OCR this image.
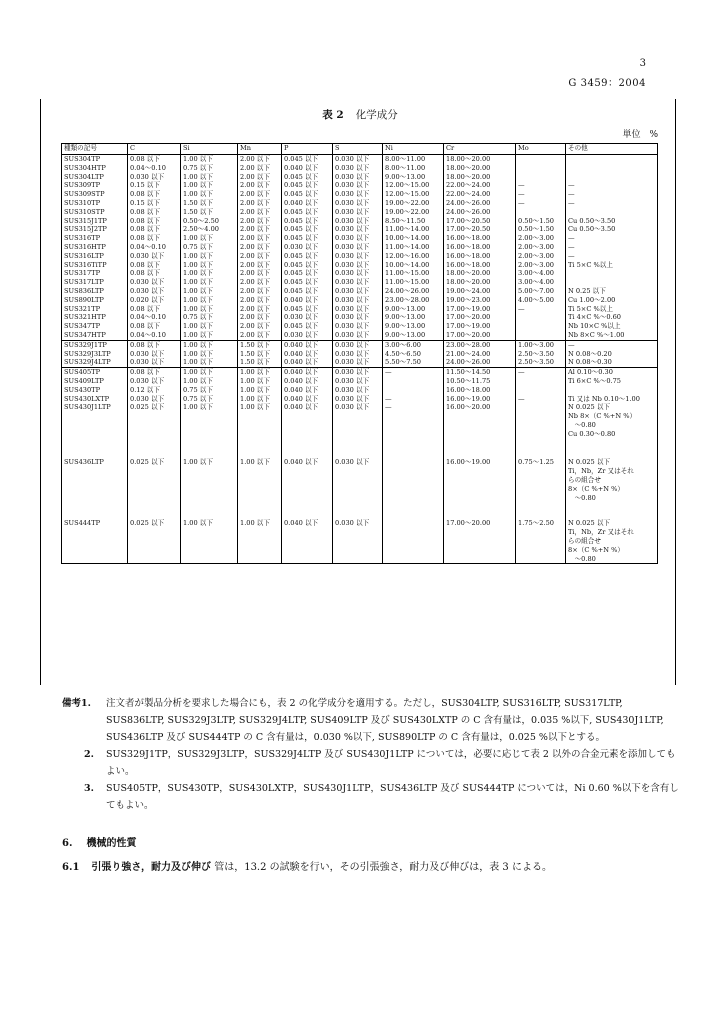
3
G 3459：2004
表 2 化学成分
単位　%
種類の記号	C	Si	Mn	P	S	Ni	Cr	Mo	その他
SUS304TP	0.08 以下	1.00 以下	2.00 以下	0.045 以下	0.030 以下	8.00～11.00	18.00～20.00		
SUS304HTP	0.04～0.10	0.75 以下	2.00 以下	0.040 以下	0.030 以下	8.00～11.00	18.00～20.00		
SUS304LTP	0.030 以下	1.00 以下	2.00 以下	0.045 以下	0.030 以下	9.00～13.00	18.00～20.00		
SUS309TP	0.15 以下	1.00 以下	2.00 以下	0.045 以下	0.030 以下	12.00～15.00	22.00～24.00	—	—
SUS309STP	0.08 以下	1.00 以下	2.00 以下	0.045 以下	0.030 以下	12.00～15.00	22.00～24.00	—	—
SUS310TP	0.15 以下	1.50 以下	2.00 以下	0.040 以下	0.030 以下	19.00～22.00	24.00～26.00	—	—
SUS310STP	0.08 以下	1.50 以下	2.00 以下	0.045 以下	0.030 以下	19.00～22.00	24.00～26.00		
SUS315J1TP	0.08 以下	0.50～2.50	2.00 以下	0.045 以下	0.030 以下	8.50～11.50	17.00～20.50	0.50～1.50	Cu 0.50～3.50
SUS315J2TP	0.08 以下	2.50～4.00	2.00 以下	0.045 以下	0.030 以下	11.00～14.00	17.00～20.50	0.50～1.50	Cu 0.50～3.50
SUS316TP	0.08 以下	1.00 以下	2.00 以下	0.045 以下	0.030 以下	10.00～14.00	16.00～18.00	2.00～3.00	—
SUS316HTP	0.04～0.10	0.75 以下	2.00 以下	0.030 以下	0.030 以下	11.00～14.00	16.00～18.00	2.00～3.00	—
SUS316LTP	0.030 以下	1.00 以下	2.00 以下	0.045 以下	0.030 以下	12.00～16.00	16.00～18.00	2.00～3.00	—
SUS316TiTP	0.08 以下	1.00 以下	2.00 以下	0.045 以下	0.030 以下	10.00～14.00	16.00～18.00	2.00～3.00	Ti 5×C %以上
SUS317TP	0.08 以下	1.00 以下	2.00 以下	0.045 以下	0.030 以下	11.00～15.00	18.00～20.00	3.00～4.00	
SUS317LTP	0.030 以下	1.00 以下	2.00 以下	0.045 以下	0.030 以下	11.00～15.00	18.00～20.00	3.00～4.00	
SUS836LTP	0.030 以下	1.00 以下	2.00 以下	0.045 以下	0.030 以下	24.00～26.00	19.00～24.00	5.00～7.00	N 0.25 以下
SUS890LTP	0.020 以下	1.00 以下	2.00 以下	0.040 以下	0.030 以下	23.00～28.00	19.00～23.00	4.00～5.00	Cu 1.00～2.00
SUS321TP	0.08 以下	1.00 以下	2.00 以下	0.045 以下	0.030 以下	9.00～13.00	17.00～19.00	—	Ti 5×C %以上
SUS321HTP	0.04～0.10	0.75 以下	2.00 以下	0.030 以下	0.030 以下	9.00～13.00	17.00～20.00		Ti 4×C %～0.60
SUS347TP	0.08 以下	1.00 以下	2.00 以下	0.045 以下	0.030 以下	9.00～13.00	17.00～19.00		Nb 10×C %以上
SUS347HTP	0.04～0.10	1.00 以下	2.00 以下	0.030 以下	0.030 以下	9.00～13.00	17.00～20.00		Nb 8×C %～1.00
SUS329J1TP	0.08 以下	1.00 以下	1.50 以下	0.040 以下	0.030 以下	3.00～6.00	23.00～28.00	1.00～3.00	—
SUS329J3LTP	0.030 以下	1.00 以下	1.50 以下	0.040 以下	0.030 以下	4.50～6.50	21.00～24.00	2.50～3.50	N 0.08～0.20
SUS329J4LTP	0.030 以下	1.00 以下	1.50 以下	0.040 以下	0.030 以下	5.50～7.50	24.00～26.00	2.50～3.50	N 0.08～0.30
SUS405TP	0.08 以下	1.00 以下	1.00 以下	0.040 以下	0.030 以下	—	11.50～14.50	—	Al 0.10～0.30
SUS409LTP	0.030 以下	1.00 以下	1.00 以下	0.040 以下	0.030 以下		10.50～11.75		Ti 6×C %～0.75
SUS430TP	0.12 以下	0.75 以下	1.00 以下	0.040 以下	0.030 以下		16.00～18.00		
SUS430LXTP	0.030 以下	0.75 以下	1.00 以下	0.040 以下	0.030 以下	—	16.00～19.00	—	Ti 又は Nb 0.10～1.00
SUS430J1LTP	0.025 以下	1.00 以下	1.00 以下	0.040 以下	0.030 以下	—	16.00～20.00		N 0.025 以下
Nb 8×（C %+N %）
　～0.80
Cu 0.30～0.80
SUS436LTP	0.025 以下	1.00 以下	1.00 以下	0.040 以下	0.030 以下		16.00～19.00	0.75～1.25	N 0.025 以下
Ti，Nb，Zr 又はそれ
らの組合せ
8×（C %+N %）
　～0.80
SUS444TP	0.025 以下	1.00 以下	1.00 以下	0.040 以下	0.030 以下		17.00～20.00	1.75～2.50	N 0.025 以下
Ti，Nb，Zr 又はそれ
らの組合せ
8×（C %+N %）
　～0.80
備考1. 注文者が製品分析を要求した場合にも，表 2 の化学成分を適用する。ただし，SUS304LTP, SUS316LTP, SUS317LTP, SUS836LTP, SUS329J3LTP, SUS329J4LTP, SUS409LTP 及び SUS430LXTP の C 含有量は，0.035 %以下, SUS430J1LTP, SUS436LTP 及び SUS444TP の C 含有量は，0.030 %以下, SUS890LTP の C 含有量は，0.025 %以下とする。
2. SUS329J1TP，SUS329J3LTP，SUS329J4LTP 及び SUS430J1LTP については，必要に応じて表 2 以外の合金元素を添加してもよい。
3. SUS405TP，SUS430TP，SUS430LXTP，SUS430J1LTP，SUS436LTP 及び SUS444TP については，Ni 0.60 %以下を含有してもよい。
6. 機械的性質
6.1 引張り強さ，耐力及び伸び 管は，13.2 の試験を行い，その引張強さ，耐力及び伸びは，表 3 による。
